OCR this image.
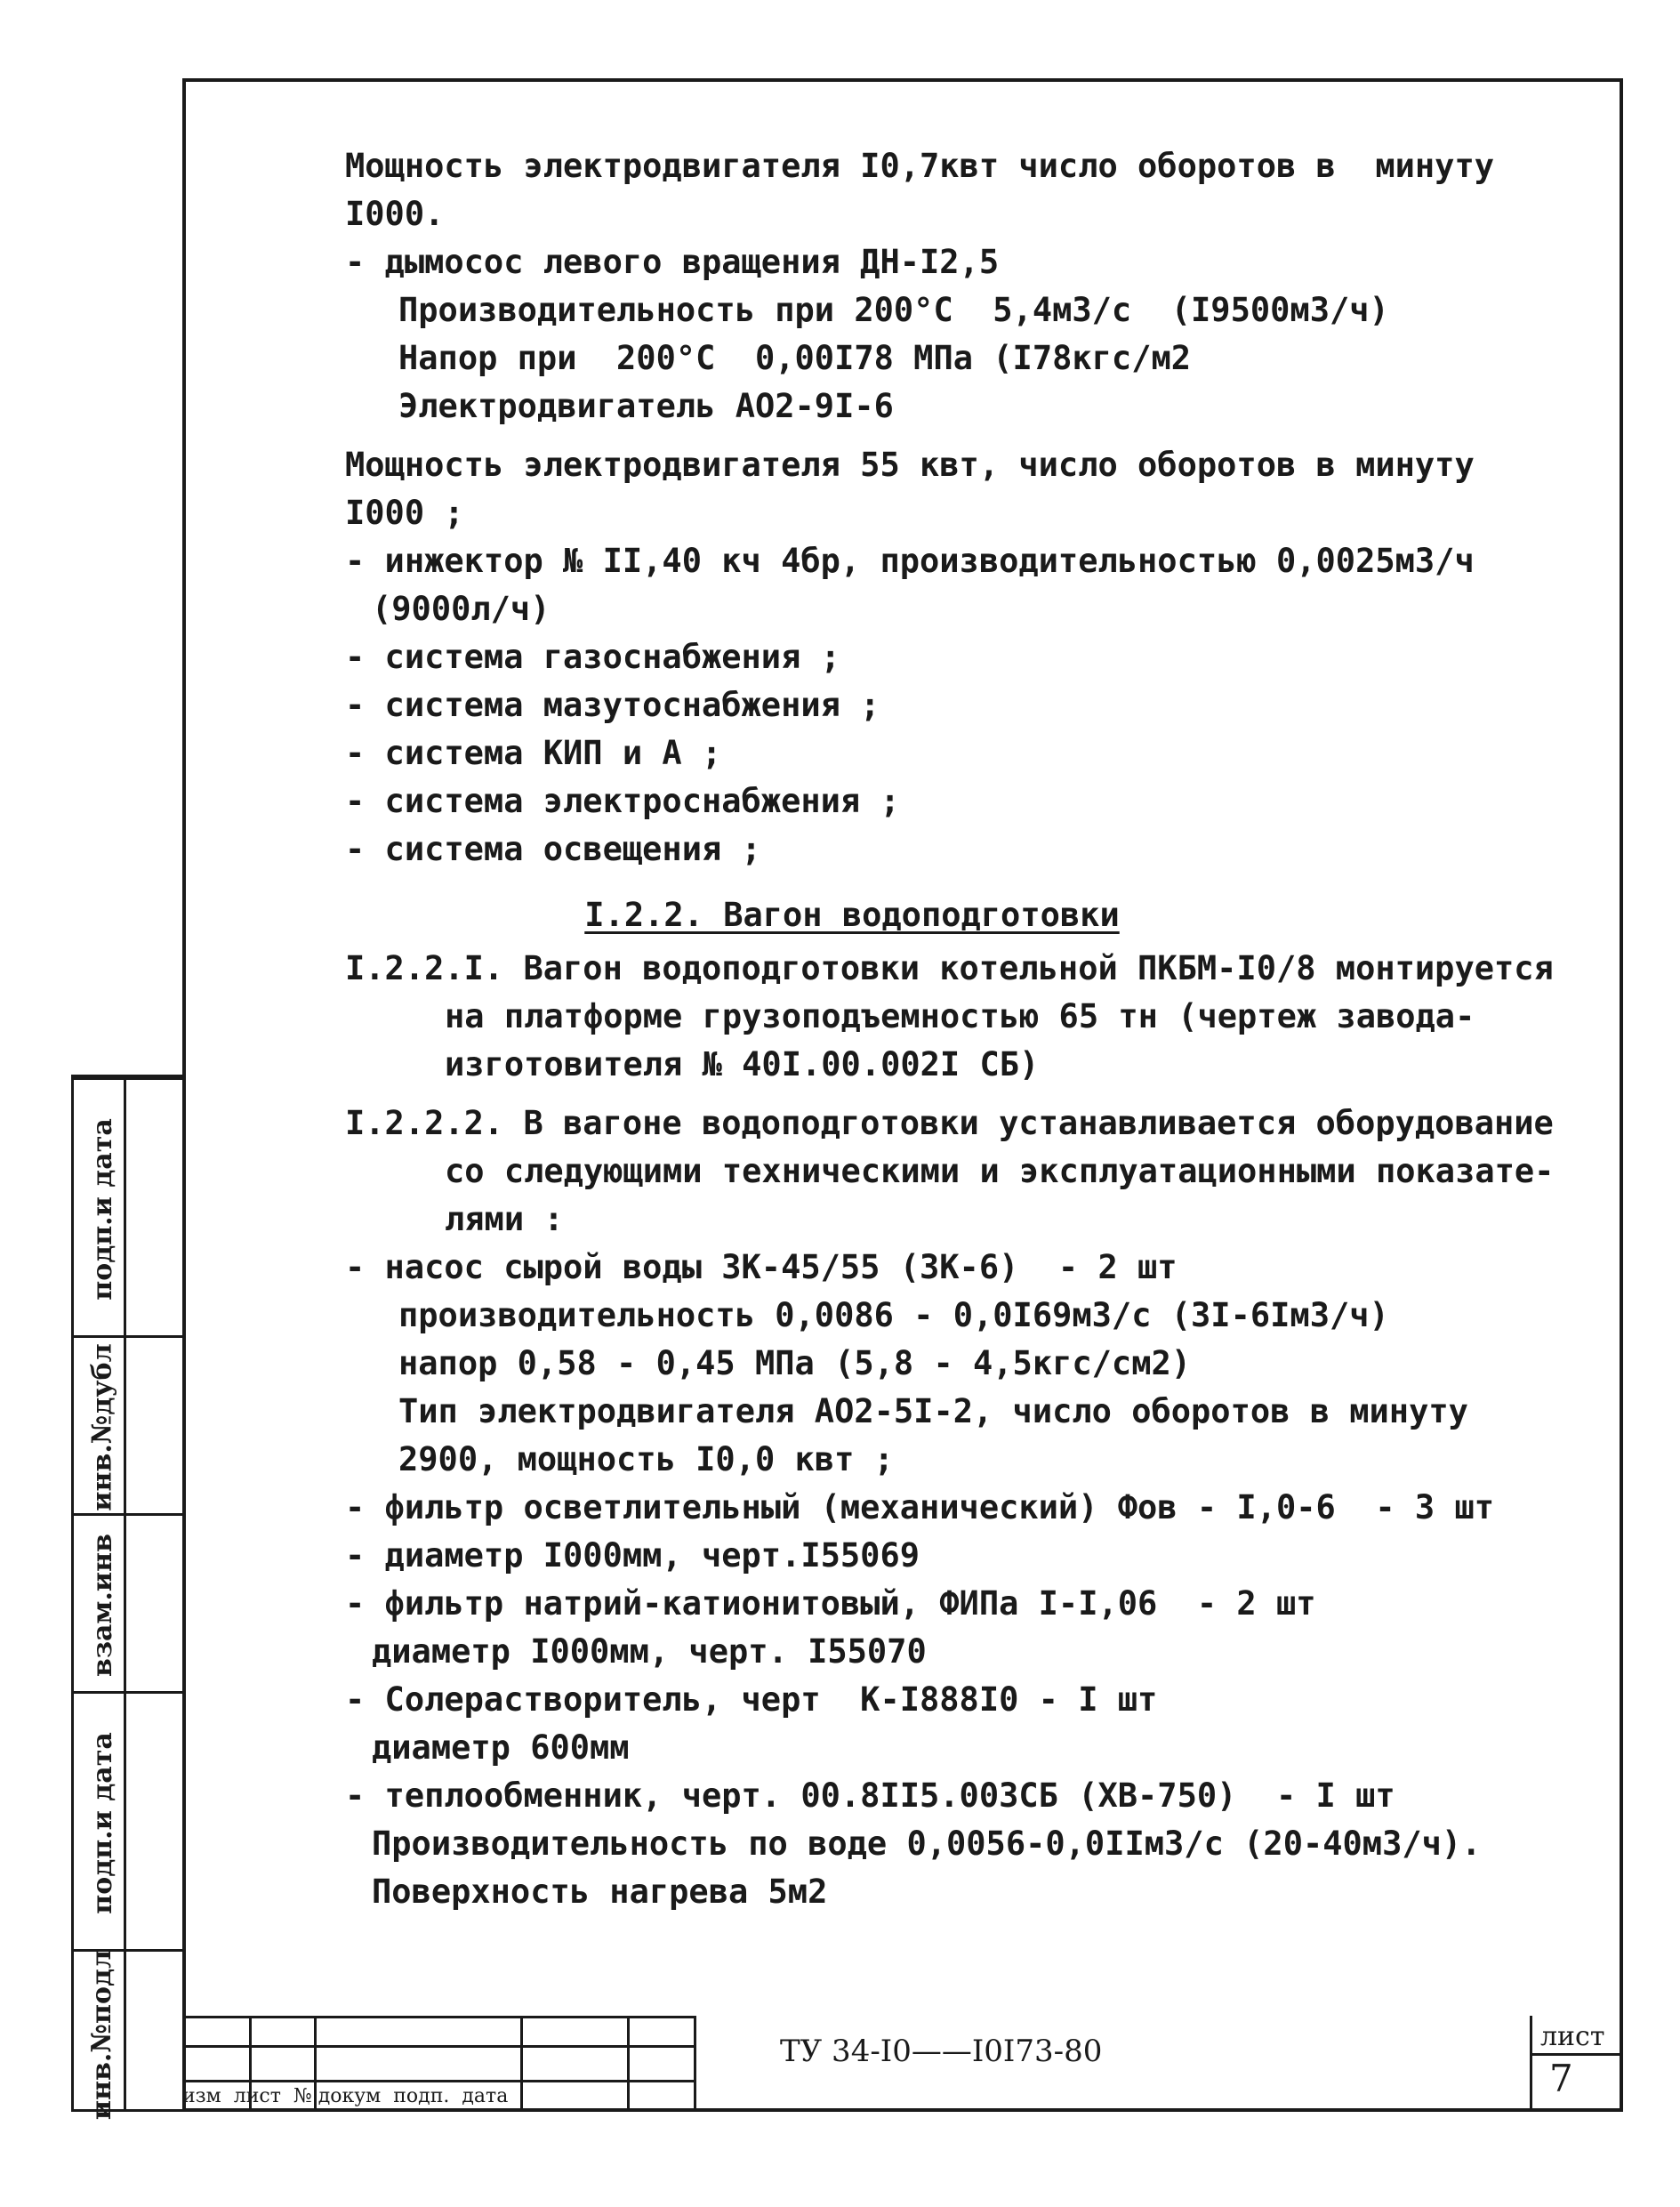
подп.и дата
инв.№дубл
взам.инв
подп.и дата
инв.№подл
Мощность электродвигателя I0,7квт число оборотов в  минуту
I000.
- дымосос левого вращения ДН-I2,5
Производительность при 200°С  5,4м3/с  (I9500м3/ч)
Напор при  200°С  0,00I78 МПа (I78кгс/м2
Электродвигатель АО2-9I-6
Мощность электродвигателя 55 квт, число оборотов в минуту
I000 ;
- инжектор № II,40 кч 4бр, производительностью 0,0025м3/ч
(9000л/ч)
- система газоснабжения ;
- система мазутоснабжения ;
- система КИП и А ;
- система электроснабжения ;
- система освещения ;
I.2.2. Вагон водоподготовки
I.2.2.I. Вагон водоподготовки котельной ПКБМ-I0/8 монтируется
на платформе грузоподъемностью 65 тн (чертеж завода-
изготовителя № 40I.00.002I СБ)
I.2.2.2. В вагоне водоподготовки устанавливается оборудование
со следующими техническими и эксплуатационными показате-
лями :
- насос сырой воды 3К-45/55 (3К-6)  - 2 шт
производительность 0,0086 - 0,0I69м3/с (3I-6Iм3/ч)
напор 0,58 - 0,45 МПа (5,8 - 4,5кгс/см2)
Тип электродвигателя АО2-5I-2, число оборотов в минуту
2900, мощность I0,0 квт ;
- фильтр осветлительный (механический) Фов - I,0-6  - 3 шт
- диаметр I000мм, черт.I55069
- фильтр натрий-катионитовый, ФИПа I-I,06  - 2 шт
диаметр I000мм, черт. I55070
- Солерастворитель, черт  К-I888I0 - I шт
диаметр 600мм
- теплообменник, черт. 00.8II5.003СБ (ХВ-750)  - I шт
Производительность по воде 0,0056-0,0IIм3/с (20-40м3/ч).
Поверхность нагрева 5м2
ТУ 34-I0——I0I73-80
изм  лист  № докум  подп.  дата
лист
7
